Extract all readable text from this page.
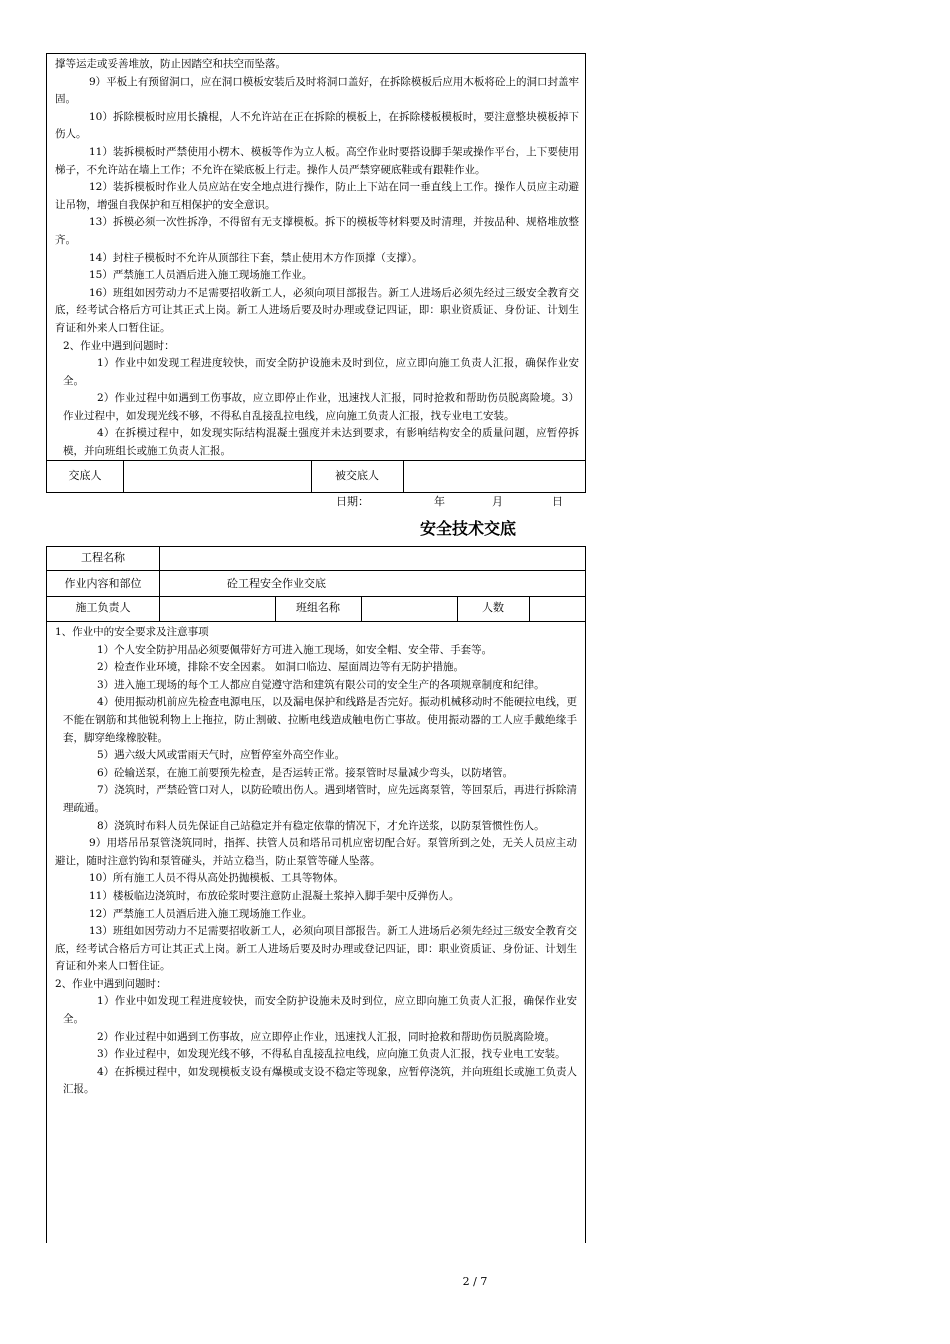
撑等运走或妥善堆放，防止因踏空和扶空而坠落。

9）平板上有预留洞口，应在洞口模板安装后及时将洞口盖好，在拆除模板后应用木板将砼上的洞口封盖牢固。

10）拆除模板时应用长撬棍，人不允许站在正在拆除的模板上，在拆除楼板模板时，要注意整块模板掉下伤人。

11）装拆模板时严禁使用小楞木、模板等作为立人板。高空作业时要搭设脚手架或操作平台，上下要使用梯子，不允许站在墙上工作；不允许在梁底板上行走。操作人员严禁穿硬底鞋或有跟鞋作业。

12）装拆模板时作业人员应站在安全地点进行操作，防止上下站在同一垂直线上工作。操作人员应主动避让吊物，增强自我保护和互相保护的安全意识。

13）拆模必须一次性拆净，不得留有无支撑模板。拆下的模板等材料要及时清理，并按品种、规格堆放整齐。

14）封柱子模板时不允许从顶部往下套，禁止使用木方作顶撑（支撑）。

15）严禁施工人员酒后进入施工现场施工作业。

16）班组如因劳动力不足需要招收新工人，必须向项目部报告。新工人进场后必须先经过三级安全教育交底，经考试合格后方可让其正式上岗。新工人进场后要及时办理或登记四证，即：职业资质证、身份证、计划生育证和外来人口暂住证。

2、作业中遇到问题时：

1）作业中如发现工程进度较快，而安全防护设施未及时到位，应立即向施工负责人汇报，确保作业安全。

2）作业过程中如遇到工伤事故，应立即停止作业，迅速找人汇报，同时抢救和帮助伤员脱离险境。3）作业过程中，如发现光线不够，不得私自乱接乱拉电线，应向施工负责人汇报，找专业电工安装。

4）在拆模过程中，如发现实际结构混凝土强度并未达到要求，有影响结构安全的质量问题，应暂停拆模，并向班组长或施工负责人汇报。

交底人	被交底人
日期：	年	月	日
安全技术交底
工程名称
作业内容和部位	砼工程安全作业交底
施工负责人	班组名称	人数

1、作业中的安全要求及注意事项

1）个人安全防护用品必须要佩带好方可进入施工现场，如安全帽、安全带、手套等。

2）检查作业环境，排除不安全因素。 如洞口临边、屋面周边等有无防护措施。

3）进入施工现场的每个工人都应自觉遵守浩和建筑有限公司的安全生产的各项规章制度和纪律。

4）使用振动机前应先检查电源电压，以及漏电保护和线路是否完好。振动机械移动时不能硬拉电线，更不能在钢筋和其他锐利物上上拖拉，防止割破、拉断电线造成触电伤亡事故。使用振动器的工人应手戴绝缘手套，脚穿绝缘橡胶鞋。

5）遇六级大风或雷雨天气时，应暂停室外高空作业。

6）砼输送泵，在施工前要预先检查，是否运转正常。接泵管时尽量减少弯头，以防堵管。

7）浇筑时，严禁砼管口对人，以防砼喷出伤人。遇到堵管时，应先远离泵管，等回泵后，再进行拆除清理疏通。

8）浇筑时布料人员先保证自己站稳定并有稳定依靠的情况下，才允许送浆，以防泵管惯性伤人。

9）用塔吊吊泵管浇筑同时，指挥、扶管人员和塔吊司机应密切配合好。泵管所到之处，无关人员应主动避让，随时注意钓钩和泵管碰头，并站立稳当，防止泵管等碰人坠落。

10）所有施工人员不得从高处扔抛模板、工具等物体。

11）楼板临边浇筑时，布放砼浆时要注意防止混凝土浆掉入脚手架中反弹伤人。

12）严禁施工人员酒后进入施工现场施工作业。

13）班组如因劳动力不足需要招收新工人，必须向项目部报告。新工人进场后必须先经过三级安全教育交底，经考试合格后方可让其正式上岗。新工人进场后要及时办理或登记四证，即：职业资质证、身份证、计划生育证和外来人口暂住证。

2、作业中遇到问题时：

1）作业中如发现工程进度较快，而安全防护设施未及时到位，应立即向施工负责人汇报，确保作业安全。

2）作业过程中如遇到工伤事故，应立即停止作业，迅速找人汇报，同时抢救和帮助伤员脱离险境。

3）作业过程中，如发现光线不够，不得私自乱接乱拉电线，应向施工负责人汇报，找专业电工安装。

4）在拆模过程中，如发现模板支设有爆模或支设不稳定等现象，应暂停浇筑，并向班组长或施工负责人汇报。

2 / 7
